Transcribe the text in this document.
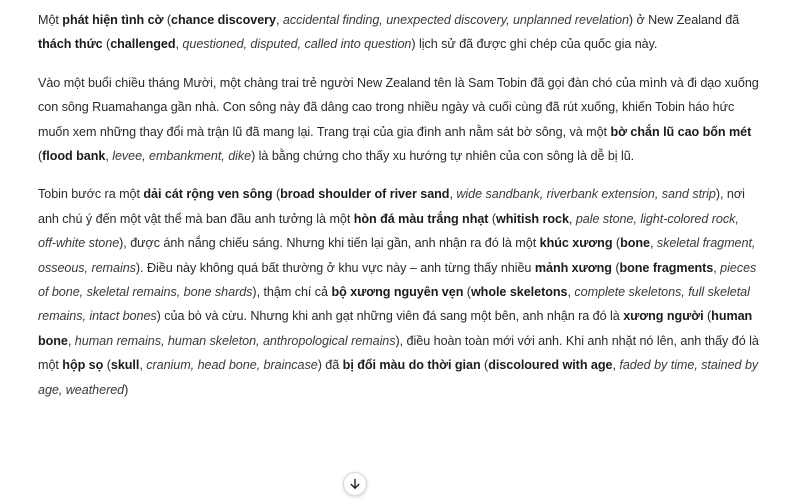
Một phát hiện tình cờ (chance discovery, accidental finding, unexpected discovery, unplanned revelation) ở New Zealand đã thách thức (challenged, questioned, disputed, called into question) lịch sử đã được ghi chép của quốc gia này.

Vào một buổi chiều tháng Mười, một chàng trai trẻ người New Zealand tên là Sam Tobin đã gọi đàn chó của mình và đi dạo xuống con sông Ruamahanga gần nhà. Con sông này đã dâng cao trong nhiều ngày và cuối cùng đã rút xuống, khiến Tobin háo hức muốn xem những thay đổi mà trận lũ đã mang lại. Trang trại của gia đình anh nằm sát bờ sông, và một bờ chắn lũ cao bốn mét (flood bank, levee, embankment, dike) là bằng chứng cho thấy xu hướng tự nhiên của con sông là dễ bị lũ.

Tobin bước ra một dải cát rộng ven sông (broad shoulder of river sand, wide sandbank, riverbank extension, sand strip), nơi anh chú ý đến một vật thể mà ban đầu anh tưởng là một hòn đá màu trắng nhạt (whitish rock, pale stone, light-colored rock, off-white stone), được ánh nắng chiếu sáng. Nhưng khi tiến lại gần, anh nhận ra đó là một khúc xương (bone, skeletal fragment, osseous, remains). Điều này không quá bất thường ở khu vực này – anh từng thấy nhiều mảnh xương (bone fragments, pieces of bone, skeletal remains, bone shards), thậm chí cả bộ xương nguyên vẹn (whole skeletons, complete skeletons, full skeletal remains, intact bones) của bò và cừu. Nhưng khi anh gạt những viên đá sang một bên, anh nhận ra đó là xương người (human bone, human remains, human skeleton, anthropological remains), điều hoàn toàn mới với anh. Khi anh nhặt nó lên, anh thấy đó là một hộp sọ (skull, cranium, head bone, braincase) đã bị đổi màu do thời gian (discoloured with age, faded by time, stained by age, weathered)
